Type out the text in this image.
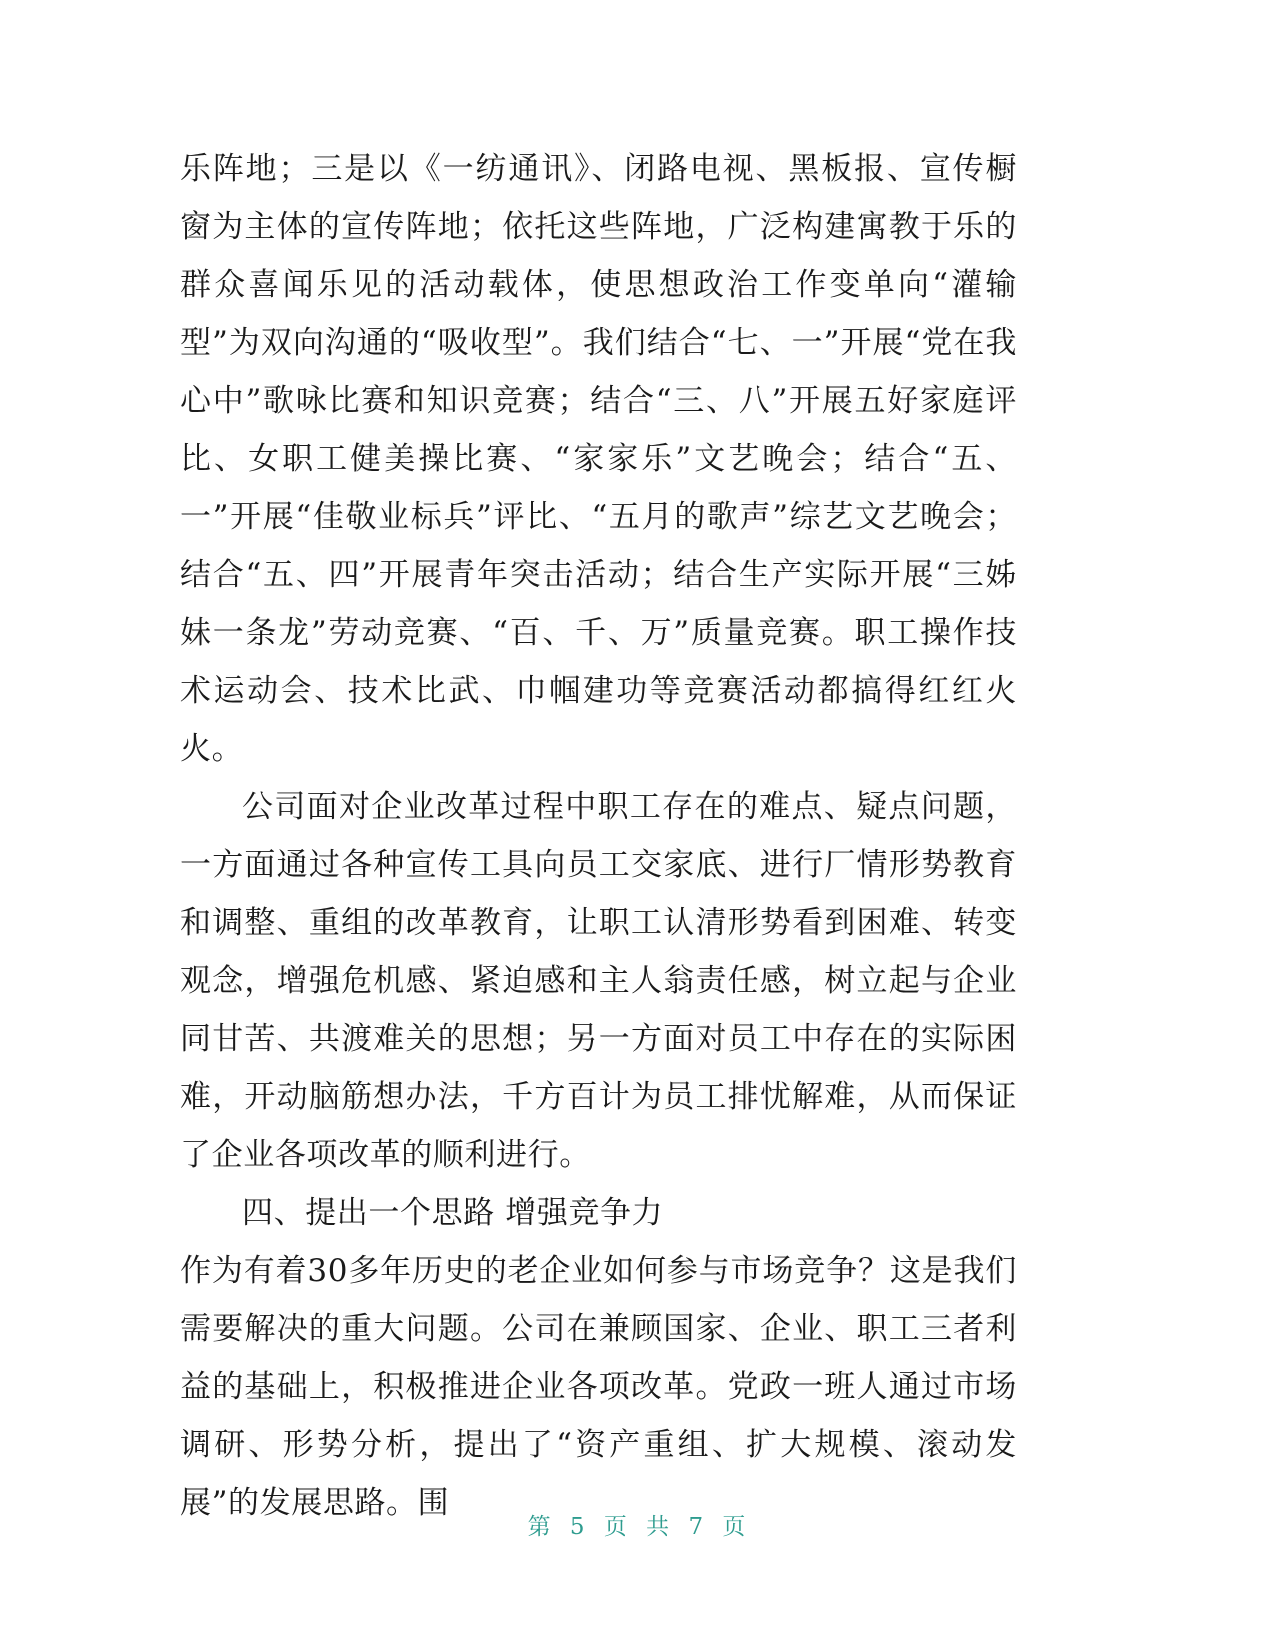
乐阵地；三是以《一纺通讯》、闭路电视、黑板报、宣传橱窗为主体的宣传阵地；依托这些阵地，广泛构建寓教于乐的群众喜闻乐见的活动载体，使思想政治工作变单向“灌输型”为双向沟通的“吸收型”。我们结合“七、一”开展“党在我心中”歌咏比赛和知识竞赛；结合“三、八”开展五好家庭评比、女职工健美操比赛、“家家乐”文艺晚会；结合“五、一”开展“佳敬业标兵”评比、“五月的歌声”综艺文艺晚会；结合“五、四”开展青年突击活动；结合生产实际开展“三姊妹一条龙”劳动竞赛、“百、千、万”质量竞赛。职工操作技术运动会、技术比武、巾帼建功等竞赛活动都搞得红红火火。

公司面对企业改革过程中职工存在的难点、疑点问题，一方面通过各种宣传工具向员工交家底、进行厂情形势教育和调整、重组的改革教育，让职工认清形势看到困难、转变观念，增强危机感、紧迫感和主人翁责任感，树立起与企业同甘苦、共渡难关的思想；另一方面对员工中存在的实际困难，开动脑筋想办法，千方百计为员工排忧解难，从而保证了企业各项改革的顺利进行。

四、提出一个思路 增强竞争力

作为有着30多年历史的老企业如何参与市场竞争？这是我们需要解决的重大问题。公司在兼顾国家、企业、职工三者利益的基础上，积极推进企业各项改革。党政一班人通过市场调研、形势分析，提出了“资产重组、扩大规模、滚动发展”的发展思路。围

第 5 页 共 7 页
